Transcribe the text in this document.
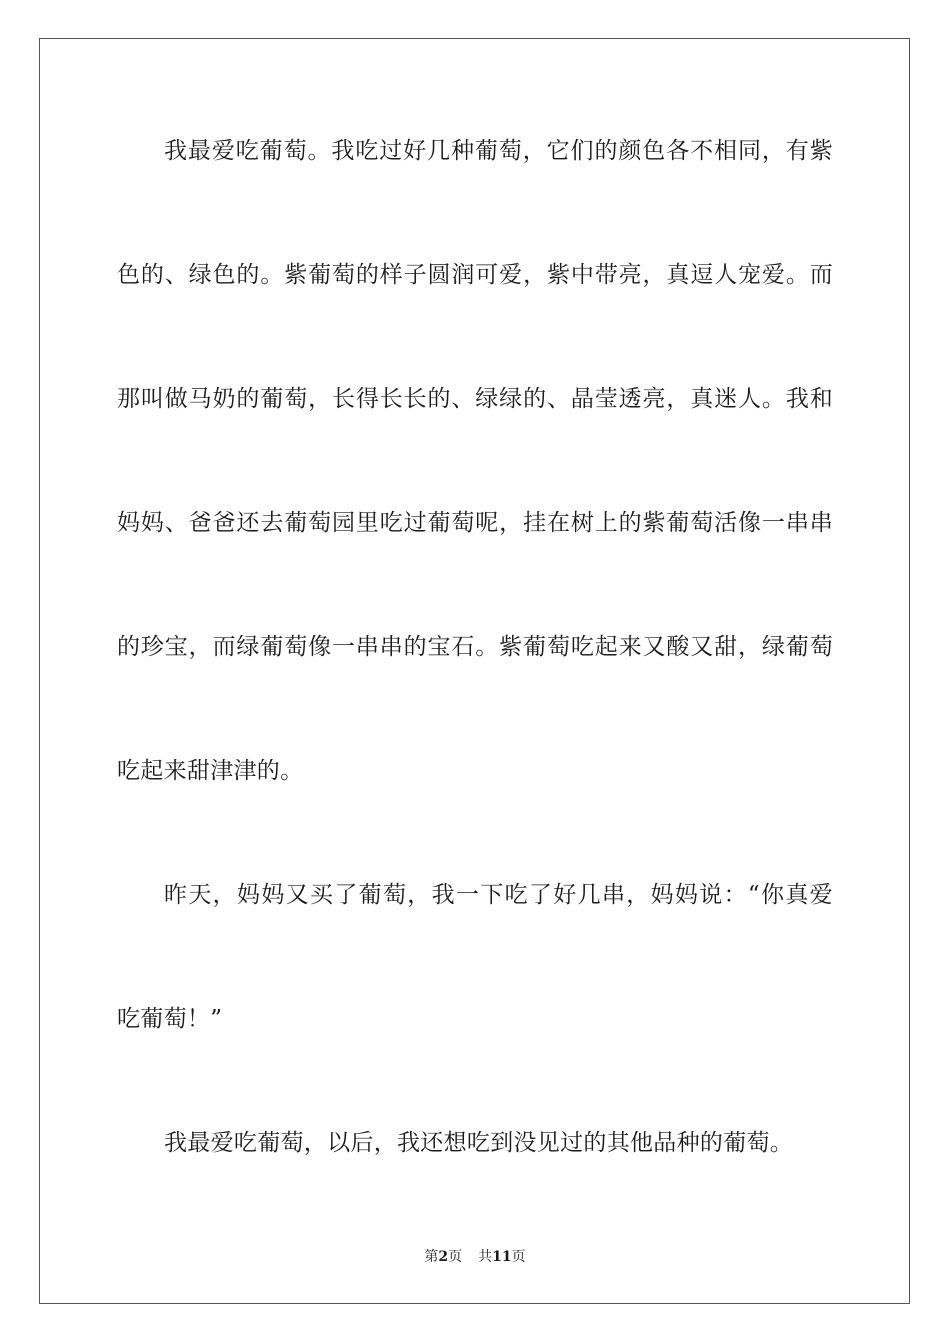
我最爱吃葡萄。我吃过好几种葡萄，它们的颜色各不相同，有紫
色的、绿色的。紫葡萄的样子圆润可爱，紫中带亮，真逗人宠爱。而
那叫做马奶的葡萄，长得长长的、绿绿的、晶莹透亮，真迷人。我和
妈妈、爸爸还去葡萄园里吃过葡萄呢，挂在树上的紫葡萄活像一串串
的珍宝，而绿葡萄像一串串的宝石。紫葡萄吃起来又酸又甜，绿葡萄
吃起来甜津津的。
昨天，妈妈又买了葡萄，我一下吃了好几串，妈妈说：“你真爱
吃葡萄！”
我最爱吃葡萄，以后，我还想吃到没见过的其他品种的葡萄。
第2页 共11页
